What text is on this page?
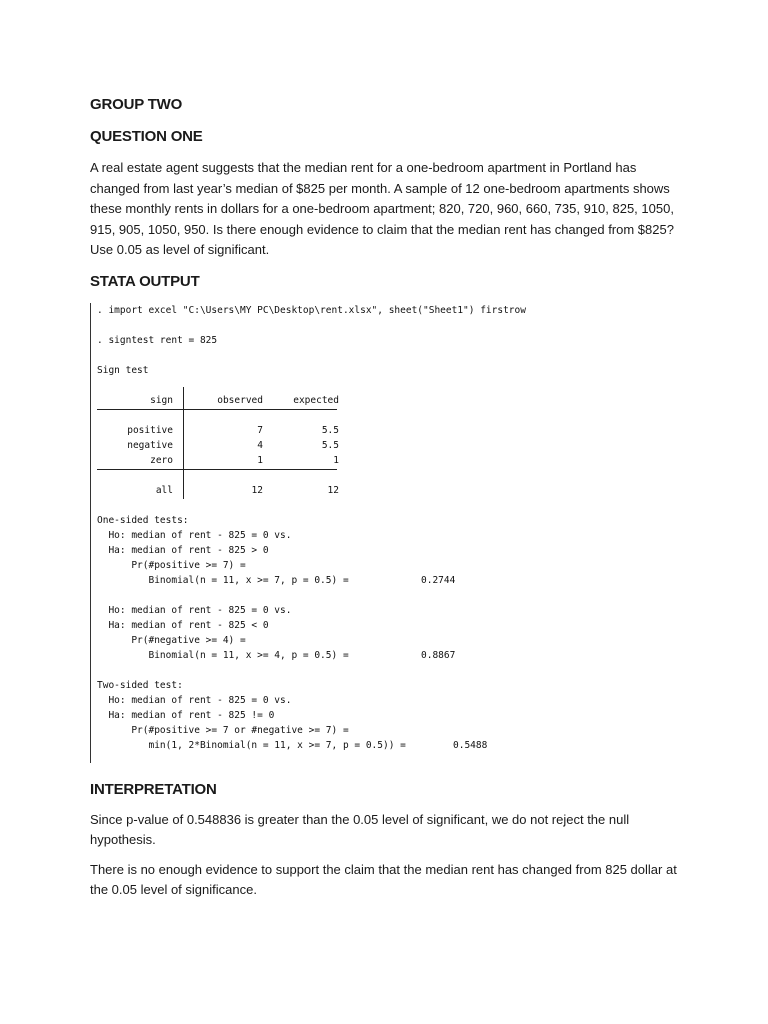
GROUP TWO
QUESTION ONE

A real estate agent suggests that the median rent for a one-bedroom apartment in Portland has changed from last year’s median of $825 per month. A sample of 12 one-bedroom apartments shows these monthly rents in dollars for a one-bedroom apartment; 820, 720, 960, 660, 735, 910, 825, 1050, 915, 905, 1050, 950. Is there enough evidence to claim that the median rent has changed from $825? Use 0.05 as level of significant.

STATA OUTPUT
. import excel "C:\Users\MY PC\Desktop\rent.xlsx", sheet("Sheet1") firstrow
. signtest rent = 825
Sign test
sign	observed	expected
positive	7	5.5
negative	4	5.5
zero	1	1
all	12	12
One-sided tests:
Ho: median of rent - 825 = 0 vs.
Ha: median of rent - 825 > 0
Pr(#positive >= 7) =
Binomial(n = 11, x >= 7, p = 0.5) =	0.2744
Ho: median of rent - 825 = 0 vs.
Ha: median of rent - 825 < 0
Pr(#negative >= 4) =
Binomial(n = 11, x >= 4, p = 0.5) =	0.8867
Two-sided test:
Ho: median of rent - 825 = 0 vs.
Ha: median of rent - 825 != 0
Pr(#positive >= 7 or #negative >= 7) =
min(1, 2*Binomial(n = 11, x >= 7, p = 0.5)) =	0.5488
INTERPRETATION

Since p-value of 0.548836 is greater than the 0.05 level of significant, we do not reject the null hypothesis.

There is no enough evidence to support the claim that the median rent has changed from 825 dollar at the 0.05 level of significance.
